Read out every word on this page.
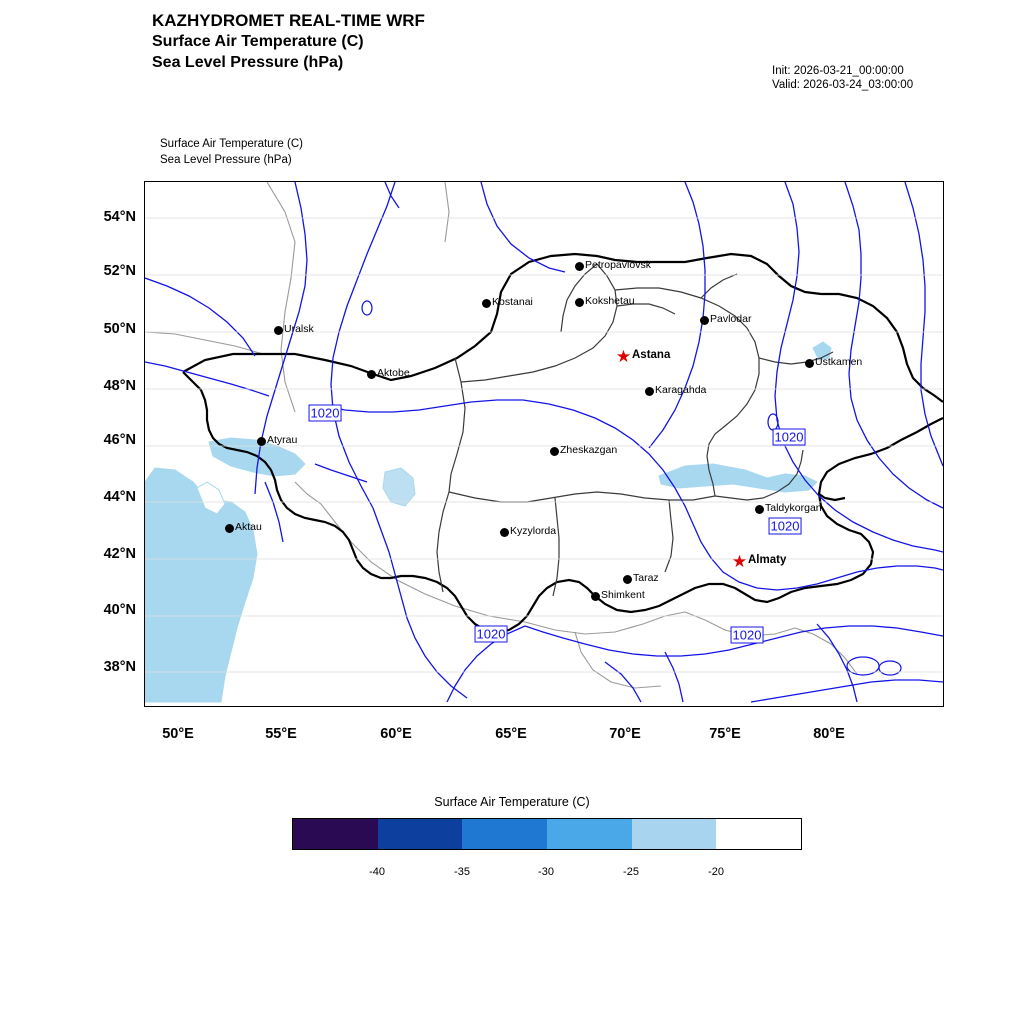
KAZHYDROMET REAL-TIME WRF
Surface Air Temperature (C)
Sea Level Pressure (hPa)	Init: 2026-03-21_00:00:00
Valid: 2026-03-24_03:00:00
Surface Air Temperature (C)
Sea Level Pressure (hPa)
1020
1020
1020
1020	1020
Petropavlovsk
Kostanai	Kokshetau
Pavlodar
Uralsk
★ Astana
Ustkamen
Aktobe
Karagahda
Atyrau
Zheskazgan
Taldykorgan
Aktau	Kyzylorda
★ Almaty
Taraz
Shimkent
54°N
52°N
50°N
48°N
46°N
44°N
42°N
40°N
38°N
50°E	55°E	60°E	65°E	70°E	75°E	80°E
Surface Air Temperature (C)
-40	-35	-30	-25	-20
